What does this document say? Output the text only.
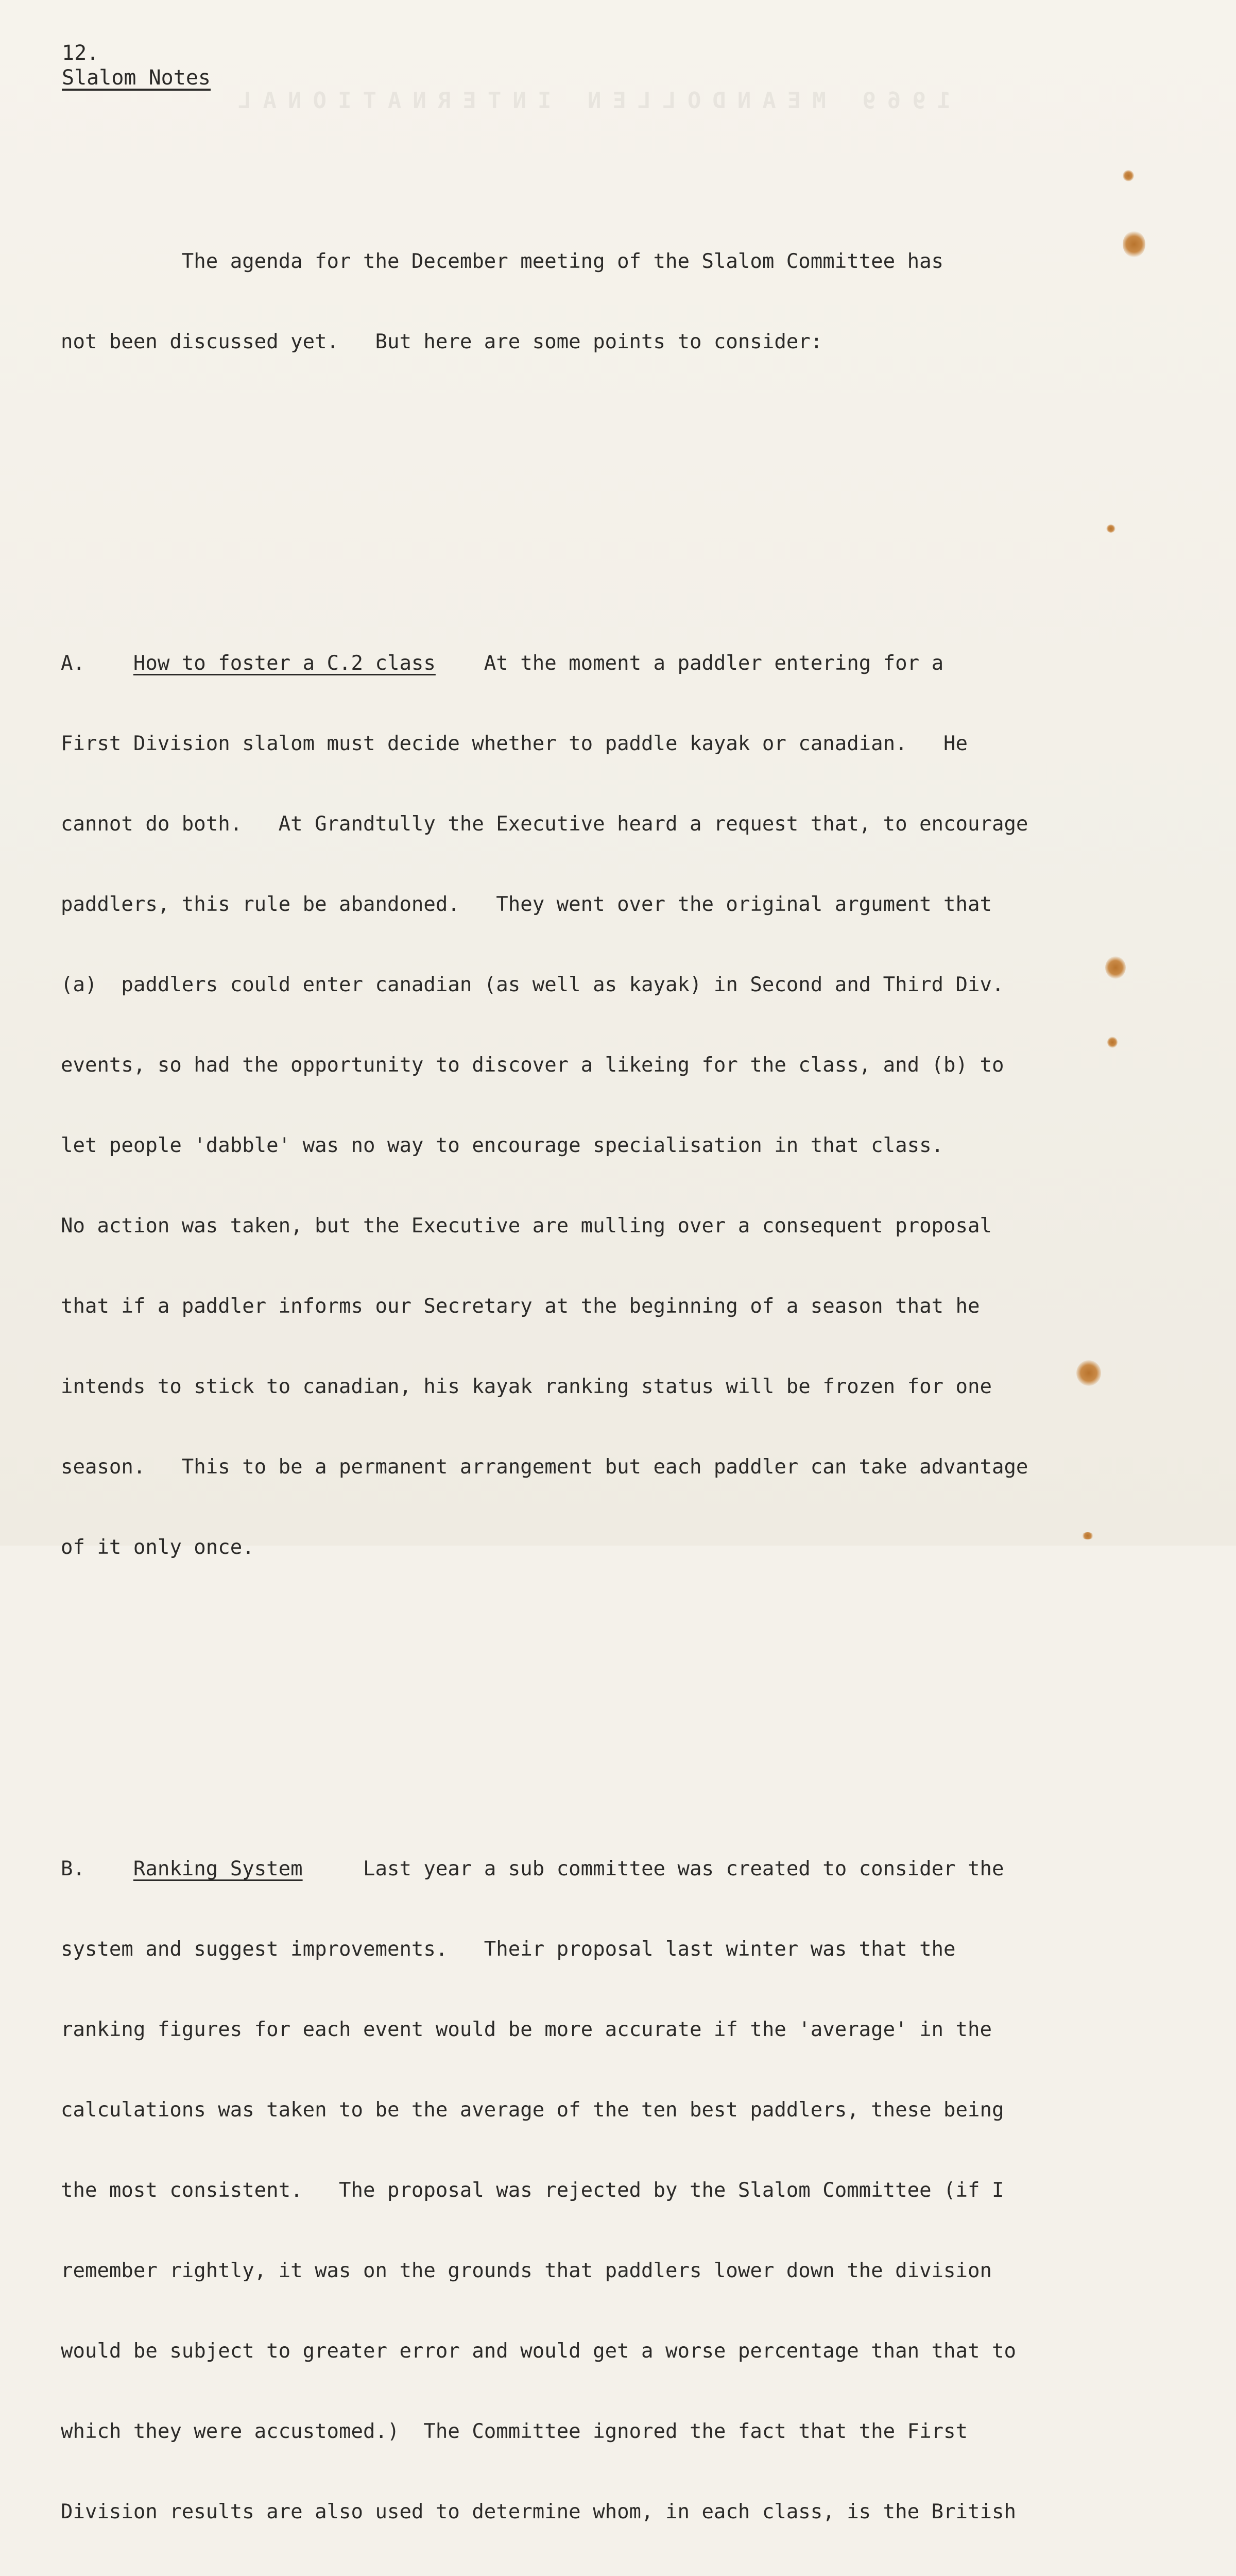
1969 MEANDOLLEN INTERNATIONAL
12.
Slalom Notes

The agenda for the December meeting of the Slalom Committee has

not been discussed yet.   But here are some points to consider:

A.    How to foster a C.2 class    At the moment a paddler entering for a

First Division slalom must decide whether to paddle kayak or canadian.   He

cannot do both.   At Grandtully the Executive heard a request that, to encourage

paddlers, this rule be abandoned.   They went over the original argument that

(a)  paddlers could enter canadian (as well as kayak) in Second and Third Div.

events, so had the opportunity to discover a likeing for the class, and (b) to

let people 'dabble' was no way to encourage specialisation in that class.

No action was taken, but the Executive are mulling over a consequent proposal

that if a paddler informs our Secretary at the beginning of a season that he

intends to stick to canadian, his kayak ranking status will be frozen for one

season.   This to be a permanent arrangement but each paddler can take advantage

of it only once.

B.    Ranking System     Last year a sub committee was created to consider the

system and suggest improvements.   Their proposal last winter was that the

ranking figures for each event would be more accurate if the 'average' in the

calculations was taken to be the average of the ten best paddlers, these being

the most consistent.   The proposal was rejected by the Slalom Committee (if I

remember rightly, it was on the grounds that paddlers lower down the division

would be subject to greater error and would get a worse percentage than that to

which they were accustomed.)  The Committee ignored the fact that the First

Division results are also used to determine whom, in each class, is the British
